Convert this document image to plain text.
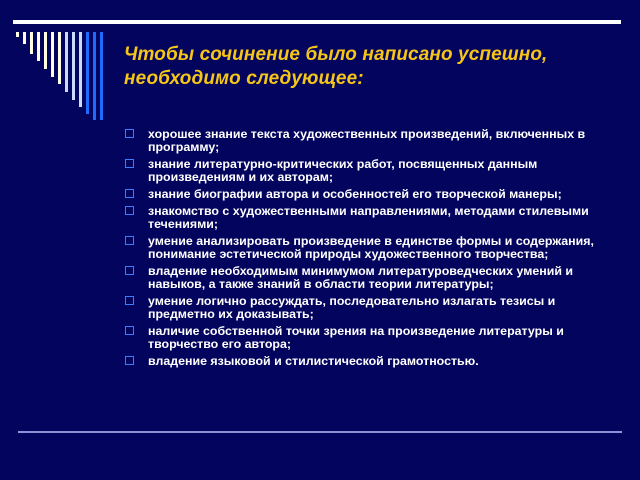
Чтобы сочинение было написано успешно,
необходимо следующее:
хорошее знание текста художественных произведений, включенных в программу;
знание литературно-критических работ, посвященных данным произведениям и их авторам;
знание биографии автора и особенностей его творческой манеры;
знакомство с художественными направлениями, методами стилевыми течениями;
умение анализировать произведение в единстве формы и содержания, понимание эстетической природы художественного творчества;
владение необходимым минимумом литературоведческих умений и навыков, а также знаний в области теории литературы;
умение логично рассуждать, последовательно излагать тезисы и предметно их доказывать;
наличие собственной точки зрения на произведение литературы и творчество его автора;
владение языковой и стилистической грамотностью.
